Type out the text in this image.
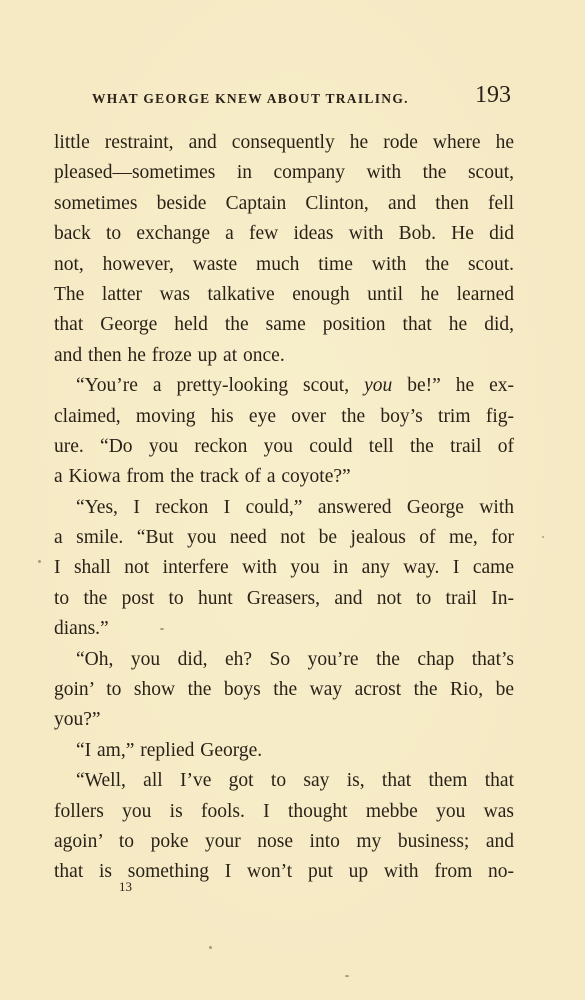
WHAT GEORGE KNEW ABOUT TRAILING.	193
little restraint, and consequently he rode where he
pleased—sometimes in company with the scout,
sometimes beside Captain Clinton, and then fell
back to exchange a few ideas with Bob. He did
not, however, waste much time with the scout.
The latter was talkative enough until he learned
that George held the same position that he did,
and then he froze up at once.
“You’re a pretty-looking scout, you be!” he ex-
claimed, moving his eye over the boy’s trim fig-
ure. “Do you reckon you could tell the trail of
a Kiowa from the track of a coyote?”
“Yes, I reckon I could,” answered George with
a smile. “But you need not be jealous of me, for
I shall not interfere with you in any way. I came
to the post to hunt Greasers, and not to trail In-
dians.”
“Oh, you did, eh? So you’re the chap that’s
goin’ to show the boys the way acrost the Rio, be
you?”
“I am,” replied George.
“Well, all I’ve got to say is, that them that
follers you is fools. I thought mebbe you was
agoin’ to poke your nose into my business; and
that is something I won’t put up with from no-
13
